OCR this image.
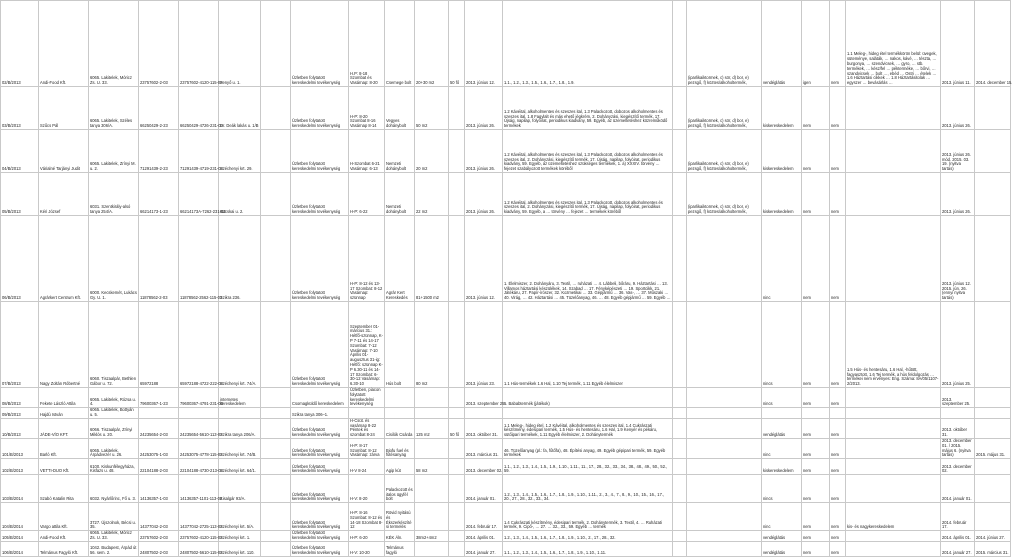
02/B/2013	Andi-Food Kft.	6065. Lakitelek, Móricz Zs. U. 33.	23757602-2-03	23757602-4120-115-03	Fenyő u. 1.		Üzletben folytatott kereskedelmi tevékenység	H.P: 8-18 Szombat és Vasárnap: 8-20	Csemege bolt	20+30 m2	50 fő	2013. június 12.	1.1., 1.2., 1.3., 1.5., 1.6., 1.7., 1.8., 1.9.		(iparlikaiktormek, c) sör, d) bor, e) pezsgő, f) köztes/alkoholtermék,	vendéglátás	igen	nem	1.1 Meleg-, hideg étel termékkörön belül: üvegek, süteménye, saláták, … nakos, kávé, … tészta, … burgonya, … szendvicsek, … gyro, … stb. termékek, … kész/fel … pékterméke, … bőrvi, … szandvicsek … bolt …, ebéd … Ostri … ételek … 1.6 Háztartási cikkek … 1.8 Háztartásitolak … egyszer … bevásárlás …	2013. június 11.	2014. december 15.
03/B/2013	Szűcs Pál	6065. Lakitelek, Széles tanya 306/A.	66250429-2-23	66250429-4726-231-03	Dr. Deák lakás u. 1/B		Üzletben folytatott kereskedelmi tevékenység	H-P: 8-20 Szombat 8-16 Vasárnap 8-14	Vegyes dohánybolt	50 m2		2013. június 26.	1.2 Kávéital, alkoholmentes és szeszes ital, 1.3 Palackozott, dobozos alkoholmentes és szeszes ital, 1.8 Fagylalt és más ehető jégkrém, 2. Dohányzási, kiegészítő termék, 17. Újság, napilap, folyóirat, periodikus kiadvány, 59. Egyéb, az üzemeltetéshez közreműködő termékek		(iparlikaiktormek, c) sör, d) bor, e) pezsgő, f) köztes/alkoholtermék,	kiskereskedelem	nem	nem		2013. június 26.	
04/B/2013	Várialné Tarjányi Judit	6065. Lakitelek, Zrínyi M. u. 2.	71291439-2-23	71291439-4719-231-03	Széchenyi krt. 29.		Üzletben folytatott kereskedelmi tevékenység	H-Szombat 6-21 Vasárnap: 6-13	Nemzeti dohánybolt	20 m2		2013. június 26.	1.2 Kávéital, alkoholmentes és szeszes ital, 1.3 Palackozott, dobozos alkoholmentes és szeszes ital, 2. Dohányzási, kiegészítő termék, 17. Újság, napilap, folyóirat, periodikus kiadvány, 59. Egyéb, az üzemeltetéshez szükséges termékek, 1. a) XXXIV. törvény … fejezet szabályozott termékek köréből		(iparlikaiktormek, c) sör, d) bor, e) pezsgő, f) köztes/alkoholtermék,	kiskereskedelem	nem	nem		2013. június 26. mód. 2015. 03. 19. (nyitva tartás)	
05/B/2013	Kéri József	6031. Szentkirály-alsó tanya 254/A.	66214173-1-23	66214173A-7262-231-03	Bocskai u. 2.		Üzletben folytatott kereskedelmi tevékenység	H-P: 6-22	Nemzeti dohánybolt	22 m2		2013. június 26.	1.2 Kávéital, alkoholmentes és szeszes ital, 1.3 Palackozott, dobozos alkoholmentes és szeszes ital, 2. Dohányzási, kiegészítő termék, 17. Újság, napilap, folyóirat, periodikus kiadvány, 59. Egyéb, a … törvény … fejezet … termékek köréből		(iparlikaiktormek, c) sör, d) bor, e) pezsgő, f) köztes/alkoholtermék,	kiskereskedelem	nem	nem		2013. június 26.	
06/B/2013	Agrárkert Centrum Kft.	6000. Kecskemét, Lukács Gy. U. 1.	11878562-2-03	11878562-2562-115-03	Szikra 236.		Üzletben folytatott kereskedelmi tevékenység	H-P: 8-12 és 13-17 Szombat: 8-12 Vasárnap: szünnap	Agrár Kert Kereskedés	81+1500 m2		2013. június 12.	1. Élelmiszer, 2. Dohányáru, 3. Textil, … ruházati … 4. Lábbeli, bőráru, 9. Háztartási … 13. Villamos háztartási készülékek, 14. Szabad … 17. Fényképészeti … 19. Sportcikk, 21. Játékáru, 27. Papír-írószer, 32. Kozmetikai … 33. Gépjármű … 36. Vas-, … 37. Műszaki … 40. Virág, … 42. Háztartási … 45. Tüzelőanyag, 46. … 48. Egyéb gépjármű … 59. Egyéb …			ninc	nem	nem		2013. június 12. 2015. jún. 26. (ennyi nyitva tartás)	
07/B/2013	Nagy Zoltán Róbertné	6060. Tiszaalpár, Bethlen Gábor u. 72.	65972188	65972188-4722-222-03	Széchenyi krt. 74/A.		Üzletben folytatott kereskedelmi tevékenység	Szeptember 01-március 31.: Hétfő-szünnap, K-P 7-11 és 14-17 Szombat: 7-12 Vasárnap: 7-10 Április 01-augusztus 31-ig: Hétfő: szünnap K-P 6.30-11 és 14-17 Szombat: 6-30-12 Vasárnap: 6.30-10	Hús bolt	80 m2		2013. június 23.	1.1 Hús-termékek 1.6 Hal, 1.10 Tej termék, 1.11 Egyéb élelmiszer			nincs	nem	nem	1.5 Hús- és hentesáru, 1.6 Hal, -hűtött, fagyasztott, 1.6 Tej termék, a hús feldolgozás … termékei nem érvényes: Eng. Száma: 8A/05/1107-2/2013.	2013. június 25.	
08/B/2013	Fekete László Attila	6065. Lakitelek, Rózsa u. 4.	79600367-1-23	79600367-4791-231-03	internetes kereskedelem		Csomagküldő kereskedelem	Üzletben, piacon folytatott kereskedelmi tevékenység				2013. szeptember 25.	5. Bababtermék (játékok)			nincs	nem	nem		2013. szeptember 25.	
09/B/2013	Hajdú István	6065. Lakitelek, Bottyán u. 5.					Szikra tanya 306–1.														
10/B/2013	JÁDE-VÍO KFT.	6066. Tiszaalpár, Zrínyi Miklós u. 20.	24235654-2-03	24235654-5610-113-03	Szikra tanya 206/A.		Üzletben folytatott kereskedelmi tevékenység	H-Csüt. és vasárnap 8-22 Péntek és szombat 8-24	Cisilók Csárda	125 m2	50 fő	2013. október 31.	1.1 Meleg-, hideg étel, 1.2 Kávéital, alkoholmentes és szeszes ital, 1.4 Cukrászati készítmény, édesipari termék, 1.5 Hús- és hentesáru, 1.6 Hal, 1.9 Kenyér és pékáru, sütőipari termékek, 1.11 Egyéb élelmiszer, 2. Dohánytermék			vendéglátás	nem	nem		2013. október 31.	
101/B/2013	Barló Kft.	6065. Lakitelek, Árpádvezér u. 26.	24253075-1-03	24253075-4778-115-03	Széchenyi krt. 74/B.		Üzletben folytatott kereskedelmi tevékenység	H-P: 8-17 Szombat: 8-12 Vasárnap: zárva	Biofu fuel és fűtésanyag			2013. március 31.	46. Tüzelőanyag (pl.: fa, fűtőfa), 48. Építési anyag, 49. Egyéb gépipari termék, 59. Egyéb termékek			ninc	nem	nem		2013. december 01. / 2015. május 6. (nyitva tartás)	2015. május 31.
102/B/2013	VETTI-DUO Kft.	6100. Kiskunfélegyháza, Kisfazs u. 48.	22104188-2-03	22104188-4730-213-03	Széchenyi krt. 64/1.		Üzletben folytatott kereskedelmi tevékenység	H-V 8-24	Agip kút	58 m2		2013. december 02.	1.1., 1.2., 1.3., 1.4., 1.5., 1.9., 1.10., 1.11., 11., 17., 28., 32., 33., 34., 38., 48., 49., 50., 52., 59.			kiskereskedelem	nem	nem		2013. december 02.	
103/B/2014	Szabó Katalin Rita	6032. Nyárlőrinc, Fő u. 3.	14136357-1-03	14136357-1101-113-03	Kisalgár 93/A.		Üzletben folytatott kereskedelmi tevékenység	H-V: 8-20	Palackozott és italos ügyfél bolt			2014. január 01.	1.2., 1.3., 1.4., 1.5., 1.6., 1.7., 1.8., 1.9., 1.10., 1.11., 2., 3., 4., 7., 8., 9., 10., 15., 16., 17., 20., 27., 28., 32., 33., 34.			nincs	nem	nem		2014. január 01.	
104/B/2014	Vargo attila Kft.	3727. Újszolnok, Bécsi u. 35.	14377042-2-03	14377042-2725-113-03	Széchenyi krt. 5/A.		Üzletben folytatott kereskedelmi tevékenység	H-P: 8-16 Szombat: 8-12 és 14-18 Szombat 8-12	Rövid nyitású és Ékszerkészítési termelés			2014. február 17.	1.4 Cukrászati készítmény, édesipari termék, 2. Dohánytermék, 3. Textil, 4. … Ruházati termék, 9. Cipő-, … 27. … 32., 33., 59. Egyéb … termék			ninc	nem	nem	kis- és nagykereskedelem	2014. február 17.	
105/B/2014	Andi-Food Kft.	6065. Lakitelek, Móricz Zs. U. 33.	23757602-2-03	23757602-4120-115-03	Széchenyi krt. 1.		Üzletben folytatott kereskedelmi tevékenység	H-P: 6-20	KÉK Áln.	38m2+4m2		2014. április 01.	1.2., 1.3., 1.4., 1.5., 1.6., 1.7., 1.8., 1.9., 1.10., 2., 17., 28., 32.			vendéglátás	nem	nem		2014. április 01.	2014. június 27.
106/B/2014	Telmánus Fagyló Kft.	1042. Budapest, Árpád út 56. sem. 2.	24807502-2-03	24807502-5610-115-03	Széchenyi krt. 110.		Üzletben folytatott kereskedelmi tevékenység	H-V: 10-20	Telmánus fagyló			2014. január 27.	1.1., 1.2., 1.3., 1.4., 1.5., 1.6., 1.7., 1.8., 1.9., 1.10., 1.11.			vendéglátás	nem	nem		2014. január 27.	2015. március 31.
